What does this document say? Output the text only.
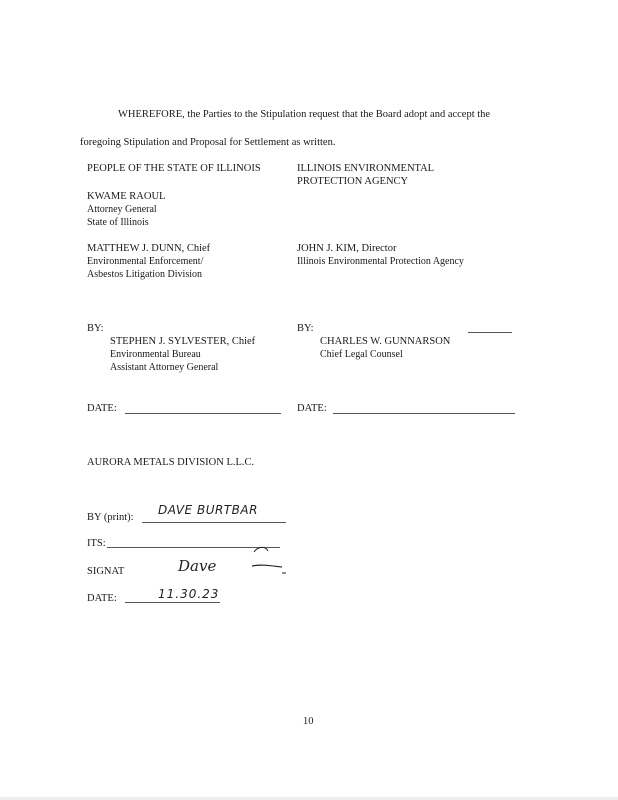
WHEREFORE, the Parties to the Stipulation request that the Board adopt and accept the
foregoing Stipulation and Proposal for Settlement as written.
PEOPLE OF THE STATE OF ILLINOIS
KWAME RAOUL
Attorney General
State of Illinois
MATTHEW J. DUNN, Chief
Environmental Enforcement/
Asbestos Litigation Division
BY:
STEPHEN J. SYLVESTER, Chief
Environmental Bureau
Assistant Attorney General
DATE:
ILLINOIS ENVIRONMENTAL
PROTECTION AGENCY
JOHN J. KIM, Director
Illinois Environmental Protection Agency
BY:
CHARLES W. GUNNARSON
Chief Legal Counsel
DATE:
AURORA METALS DIVISION L.L.C.
BY (print):
DAVE BURTBAR
ITS:
SIGNAT	Dave
DATE:	11.30.23
10
